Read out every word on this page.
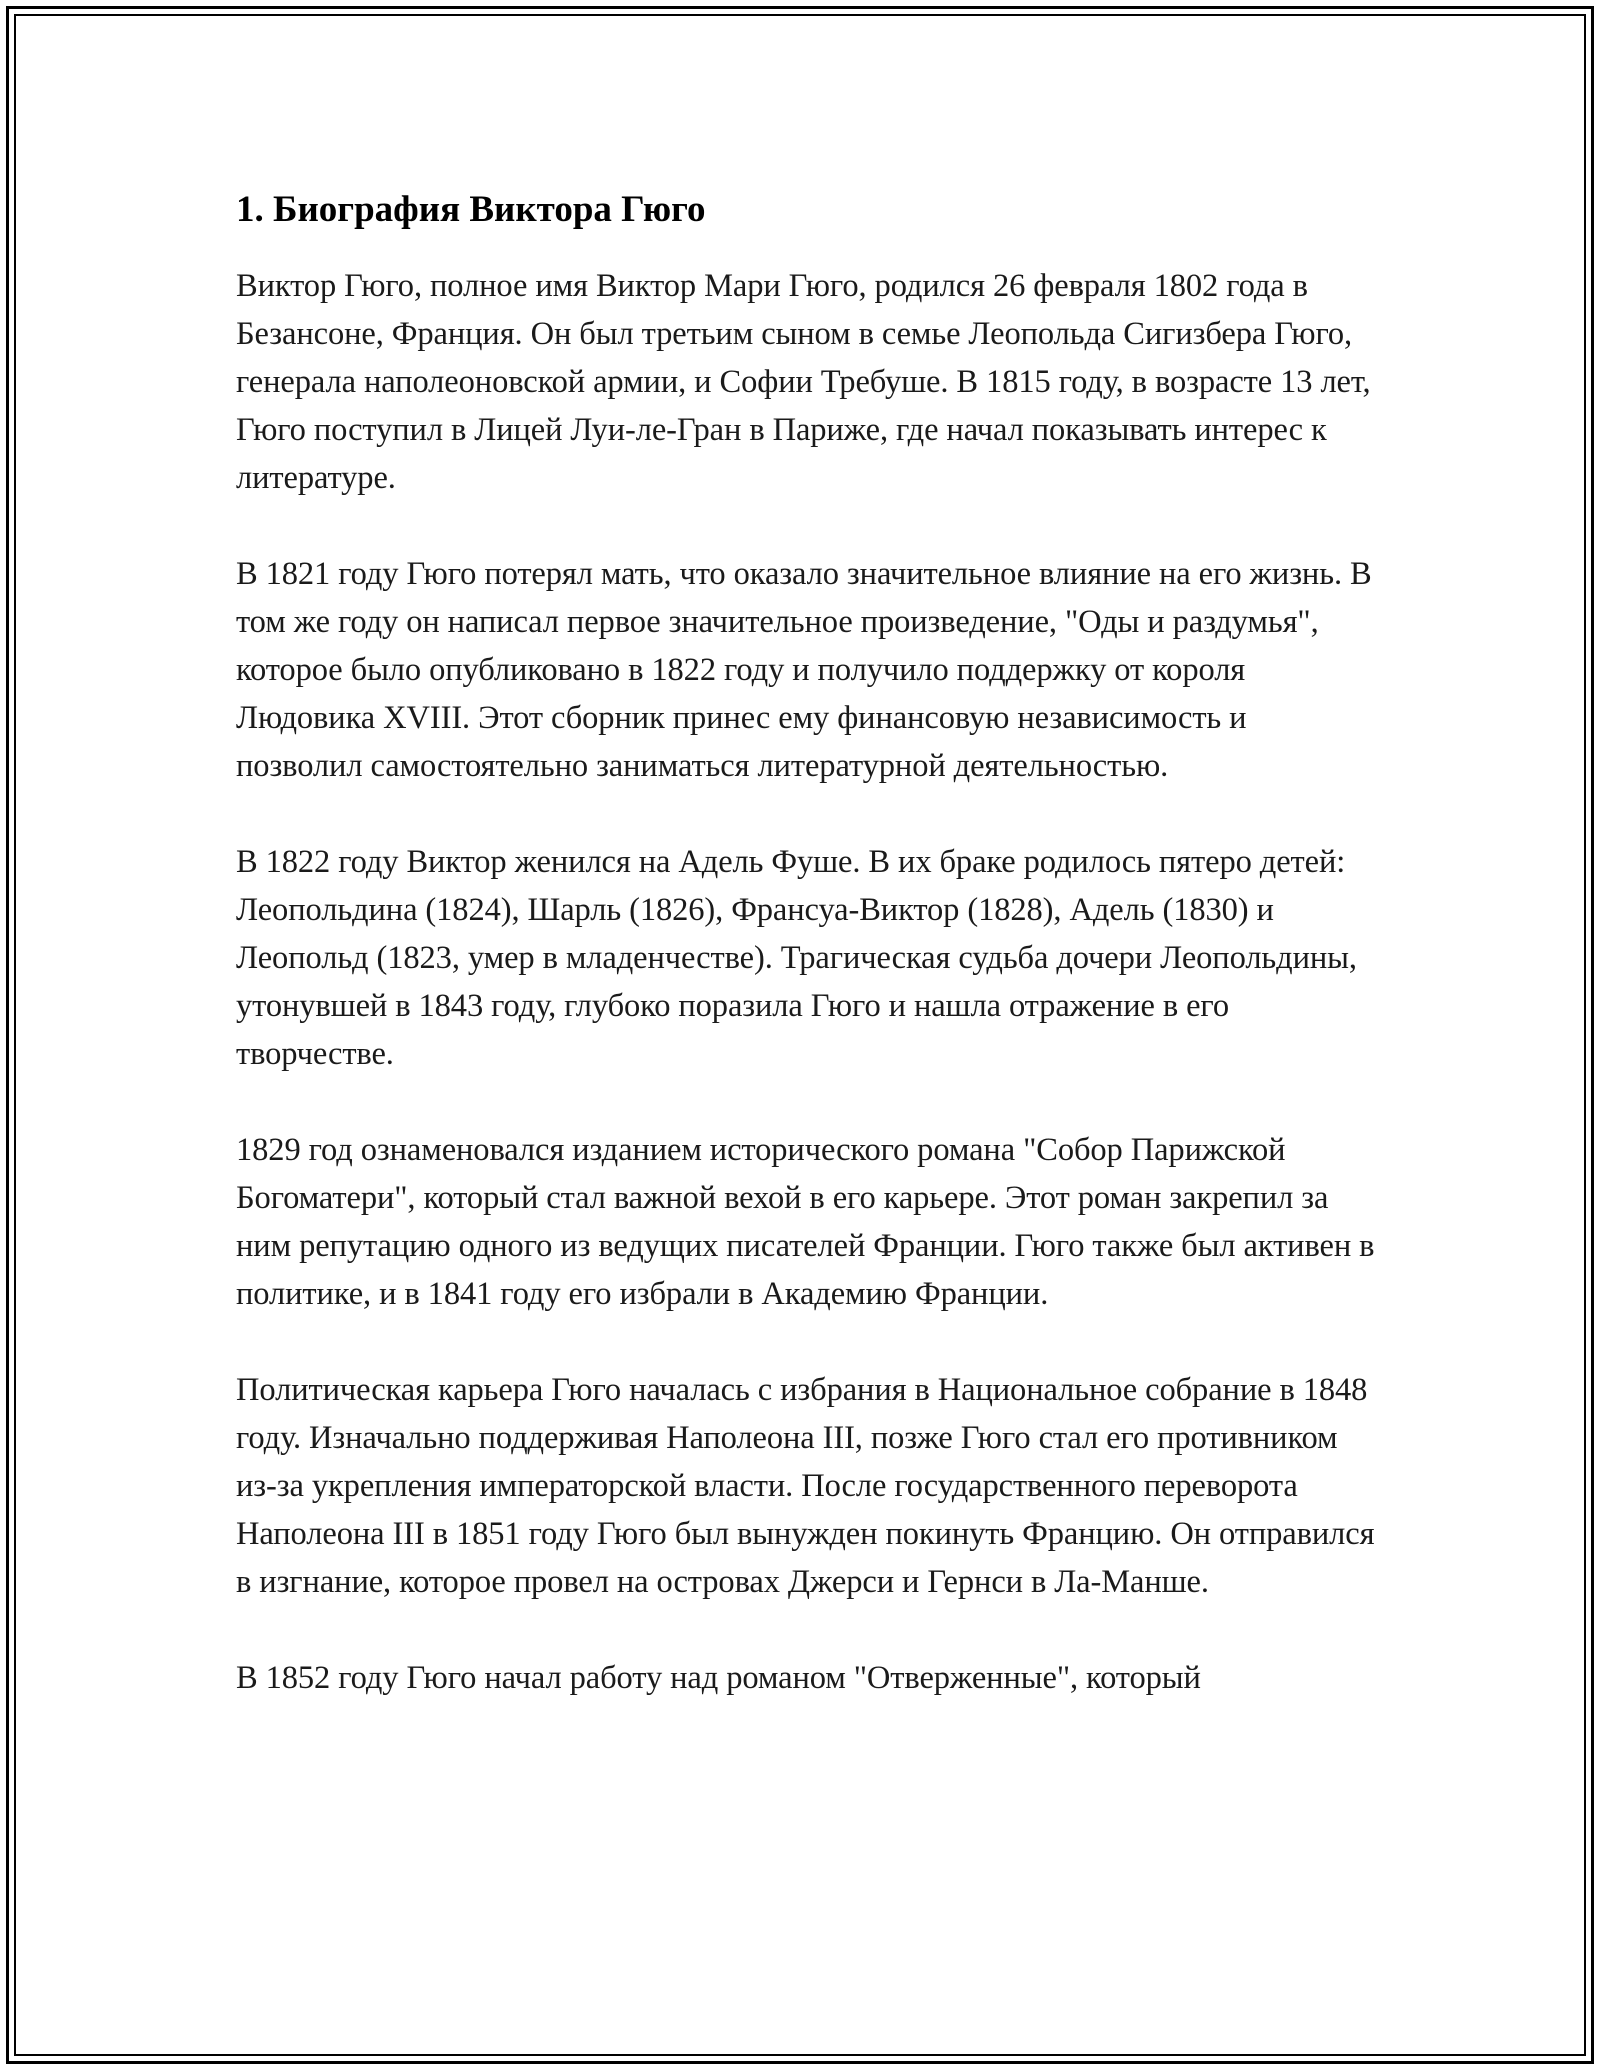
1. Биография Виктора Гюго

Виктор Гюго, полное имя Виктор Мари Гюго, родился 26 февраля 1802 года в Безансоне, Франция. Он был третьим сыном в семье Леопольда Сигизбера Гюго, генерала наполеоновской армии, и Софии Требуше. В 1815 году, в возрасте 13 лет, Гюго поступил в Лицей Луи-ле-Гран в Париже, где начал показывать интерес к литературе.

В 1821 году Гюго потерял мать, что оказало значительное влияние на его жизнь. В том же году он написал первое значительное произведение, "Оды и раздумья", которое было опубликовано в 1822 году и получило поддержку от короля Людовика XVIII. Этот сборник принес ему финансовую независимость и позволил самостоятельно заниматься литературной деятельностью.

В 1822 году Виктор женился на Адель Фуше. В их браке родилось пятеро детей: Леопольдина (1824), Шарль (1826), Франсуа-Виктор (1828), Адель (1830) и Леопольд (1823, умер в младенчестве). Трагическая судьба дочери Леопольдины, утонувшей в 1843 году, глубоко поразила Гюго и нашла отражение в его творчестве.

1829 год ознаменовался изданием исторического романа "Собор Парижской Богоматери", который стал важной вехой в его карьере. Этот роман закрепил за ним репутацию одного из ведущих писателей Франции. Гюго также был активен в политике, и в 1841 году его избрали в Академию Франции.

Политическая карьера Гюго началась с избрания в Национальное собрание в 1848 году. Изначально поддерживая Наполеона III, позже Гюго стал его противником из-за укрепления императорской власти. После государственного переворота Наполеона III в 1851 году Гюго был вынужден покинуть Францию. Он отправился в изгнание, которое провел на островах Джерси и Гернси в Ла-Манше.

В 1852 году Гюго начал работу над романом "Отверженные", который
